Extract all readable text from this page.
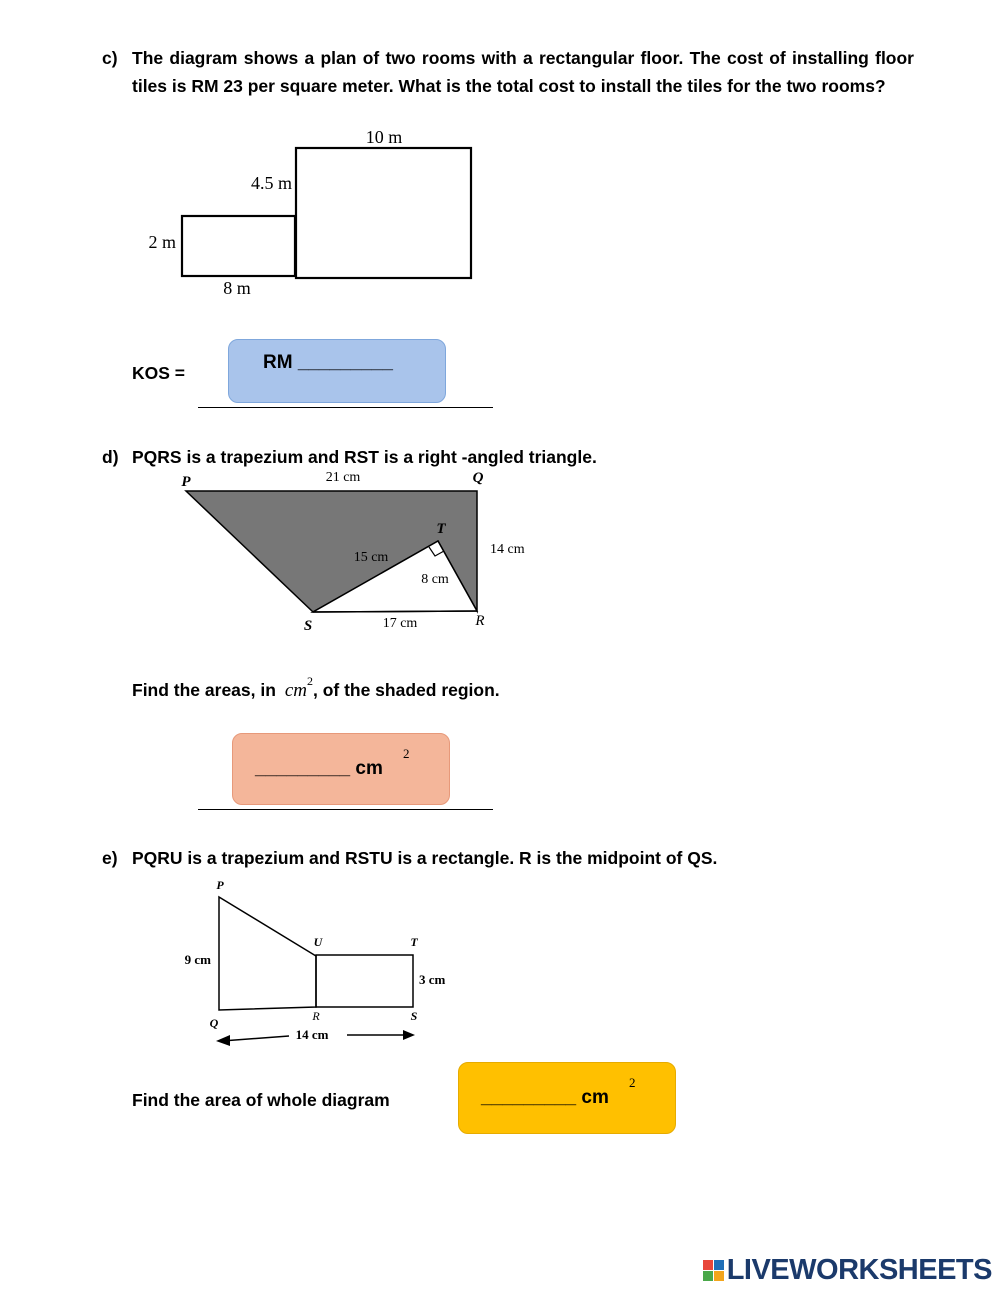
c) The diagram shows a plan of two rooms with a rectangular floor. The cost of installing floor tiles is RM 23 per square meter. What is the total cost to install the tiles for the two rooms?
10 m
4.5 m
2 m
8 m
KOS =	RM _________
d) PQRS is a trapezium and RST is a right -angled triangle.
P	Q
R
S
T
21 cm
14 cm
15 cm
8 cm
17 cm
Find the areas, in $cm^2$, of the shaded region.
_________ cm
2
e) PQRU is a trapezium and RSTU is a rectangle. R is the midpoint of QS.
P
Q	R	S
T
U
9 cm
3 cm
14 cm
Find the area of whole diagram	_________ cm
2
LIVEWORKSHEETS
